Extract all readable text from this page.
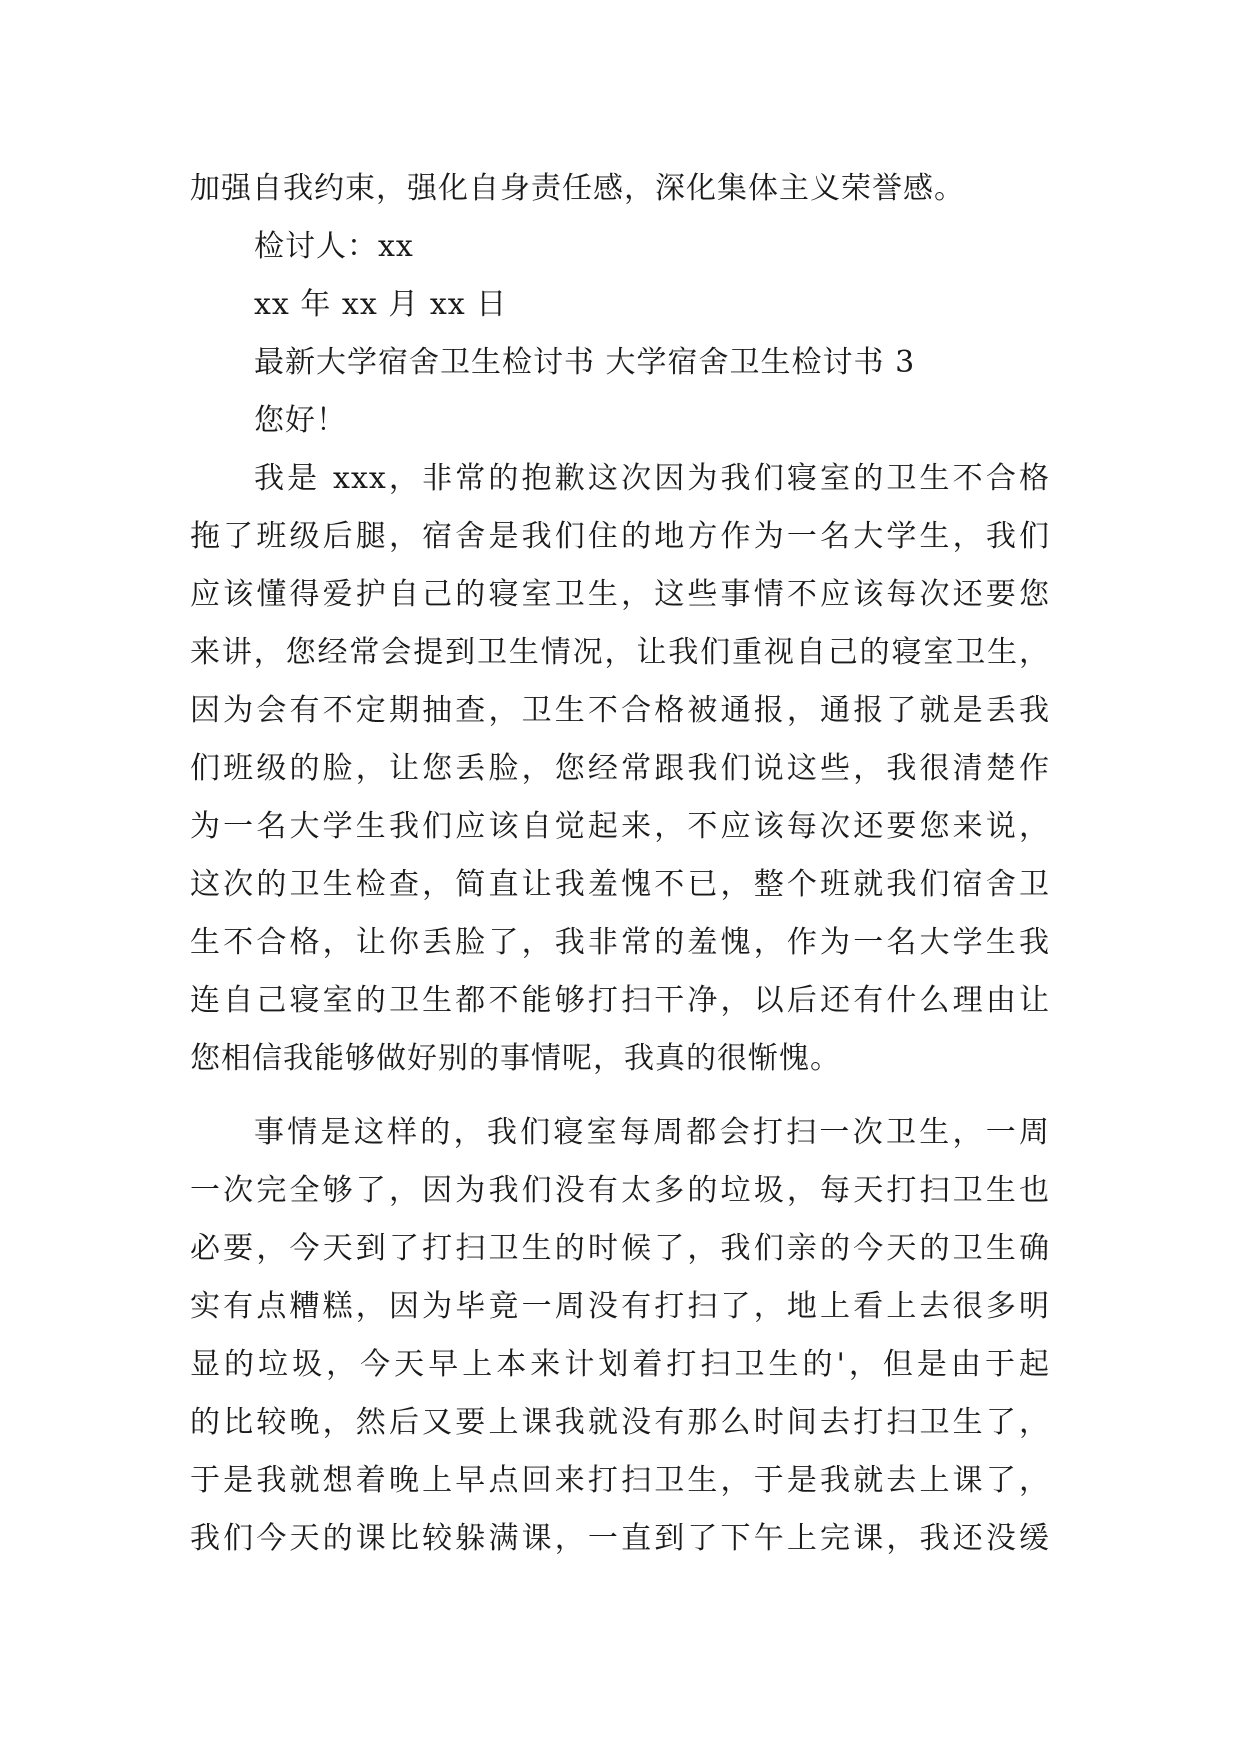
加强自我约束，强化自身责任感，深化集体主义荣誉感。
检讨人：xx
xx 年 xx 月 xx 日
最新大学宿舍卫生检讨书 大学宿舍卫生检讨书 3
您好！
我是 xxx，非常的抱歉这次因为我们寝室的卫生不合格
拖了班级后腿，宿舍是我们住的地方作为一名大学生，我们
应该懂得爱护自己的寝室卫生，这些事情不应该每次还要您
来讲，您经常会提到卫生情况，让我们重视自己的寝室卫生，
因为会有不定期抽查，卫生不合格被通报，通报了就是丢我
们班级的脸，让您丢脸，您经常跟我们说这些，我很清楚作
为一名大学生我们应该自觉起来，不应该每次还要您来说，
这次的卫生检查，简直让我羞愧不已，整个班就我们宿舍卫
生不合格，让你丢脸了，我非常的羞愧，作为一名大学生我
连自己寝室的卫生都不能够打扫干净，以后还有什么理由让
您相信我能够做好别的事情呢，我真的很惭愧。
事情是这样的，我们寝室每周都会打扫一次卫生，一周
一次完全够了，因为我们没有太多的垃圾，每天打扫卫生也
必要，今天到了打扫卫生的时候了，我们亲的今天的卫生确
实有点糟糕，因为毕竟一周没有打扫了，地上看上去很多明
显的垃圾，今天早上本来计划着打扫卫生的'，但是由于起
的比较晚，然后又要上课我就没有那么时间去打扫卫生了，
于是我就想着晚上早点回来打扫卫生，于是我就去上课了，
我们今天的课比较躲满课，一直到了下午上完课，我还没缓
